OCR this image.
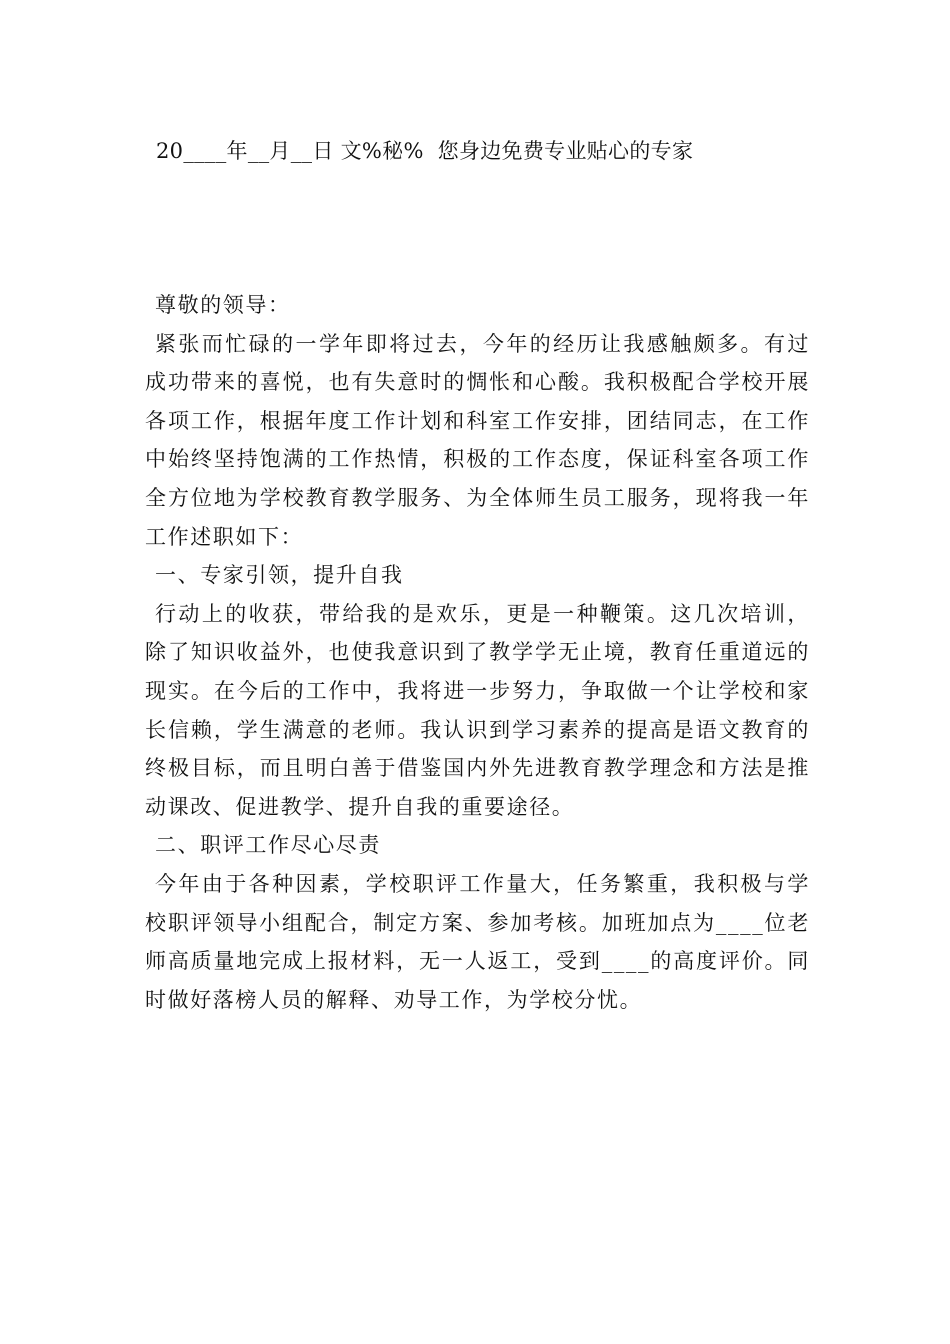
20____年__月__日 文%秘%  您身边免费专业贴心的专家

尊敬的领导：

紧张而忙碌的一学年即将过去，今年的经历让我感触颇多。有过成功带来的喜悦，也有失意时的惆怅和心酸。我积极配合学校开展各项工作，根据年度工作计划和科室工作安排，团结同志，在工作中始终坚持饱满的工作热情，积极的工作态度，保证科室各项工作全方位地为学校教育教学服务、为全体师生员工服务，现将我一年工作述职如下：

一、专家引领，提升自我

行动上的收获，带给我的是欢乐，更是一种鞭策。这几次培训，除了知识收益外，也使我意识到了教学学无止境，教育任重道远的现实。在今后的工作中，我将进一步努力，争取做一个让学校和家长信赖，学生满意的老师。我认识到学习素养的提高是语文教育的终极目标，而且明白善于借鉴国内外先进教育教学理念和方法是推动课改、促进教学、提升自我的重要途径。

二、职评工作尽心尽责

今年由于各种因素，学校职评工作量大，任务繁重，我积极与学校职评领导小组配合，制定方案、参加考核。加班加点为____位老师高质量地完成上报材料，无一人返工，受到____的高度评价。同时做好落榜人员的解释、劝导工作，为学校分忧。
